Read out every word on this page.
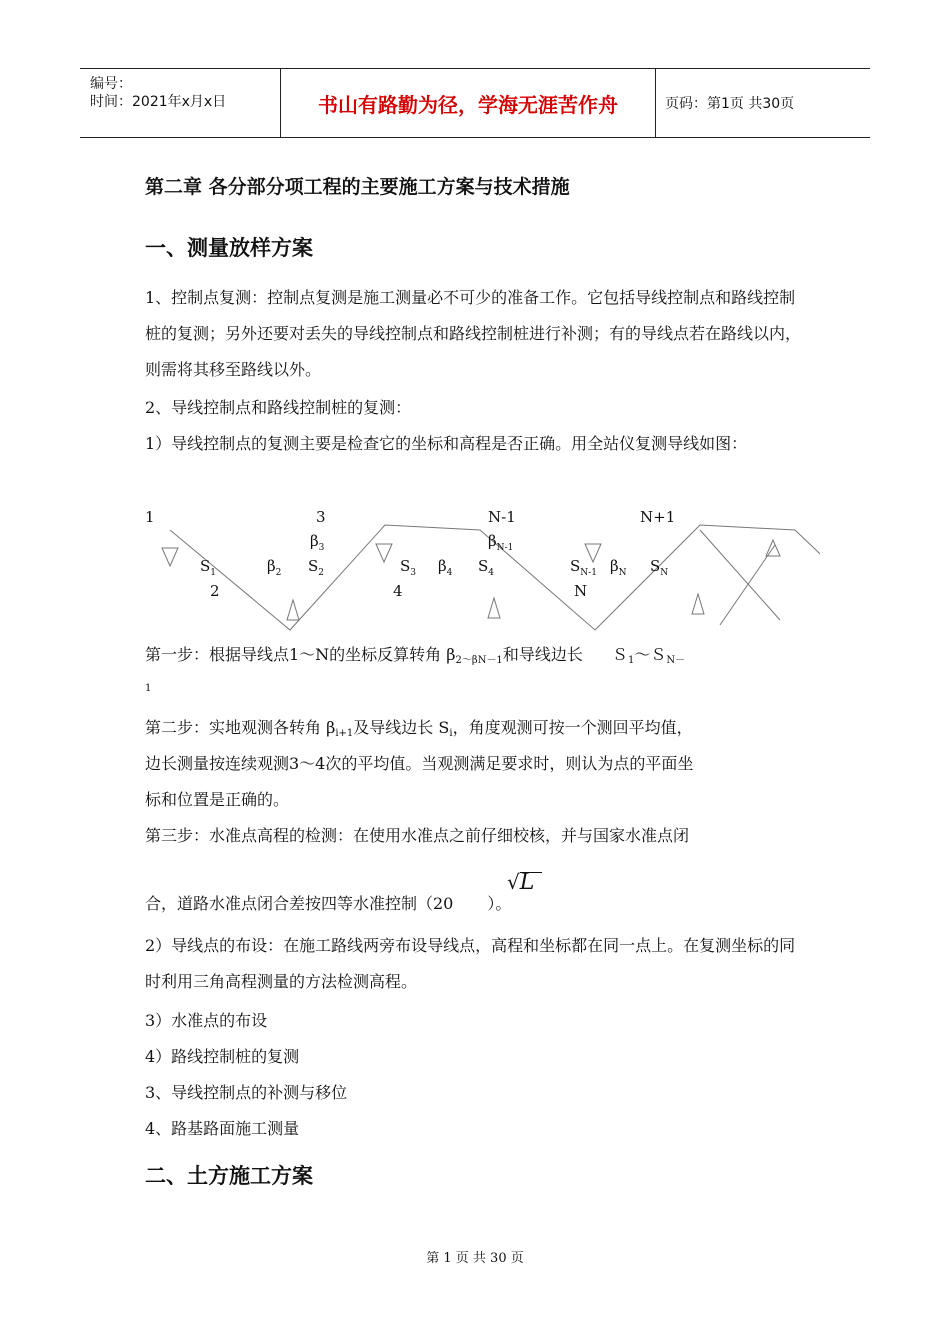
编号：
时间：2021年x月x日	书山有路勤为径，学海无涯苦作舟	页码：第1页 共30页
第二章 各分部分项工程的主要施工方案与技术措施
一、测量放样方案
1、控制点复测：控制点复测是施工测量必不可少的准备工作。它包括导线控制点和路线控制桩的复测；另外还要对丢失的导线控制点和路线控制桩进行补测；有的导线点若在路线以内，则需将其移至路线以外。
2、导线控制点和路线控制桩的复测：
1）导线控制点的复测主要是检查它的坐标和高程是否正确。用全站仪复测导线如图：
1	3	N-1	N+1
$\beta_3$	$\beta_{N-1}$
$S_1$	$\beta_2$ $S_2$	$S_3$ $\beta_4$ $S_4$	$S_{N-1}$ $\beta_N$ $S_N$
2	4	N
第一步：根据导线点1～N的坐标反算转角 $\beta_{2\sim\beta N-1}$和导线边长 Ｓ$_1$～Ｓ$_{N-}$
1
第二步：实地观测各转角 $\beta_{i+1}$及导线边长 $S_i$，角度观测可按一个测回平均值，
边长测量按连续观测3～4次的平均值。当观测满足要求时，则认为点的平面坐
标和位置是正确的。
第三步：水准点高程的检测：在使用水准点之前仔细校核，并与国家水准点闭
合，道路水准点闭合差按四等水准控制（20 ）。
√
L
2）导线点的布设：在施工路线两旁布设导线点，高程和坐标都在同一点上。在复测坐标的同时利用三角高程测量的方法检测高程。
3）水准点的布设
4）路线控制桩的复测
3、导线控制点的补测与移位
4、路基路面施工测量
二、土方施工方案
第 1 页 共 30 页
